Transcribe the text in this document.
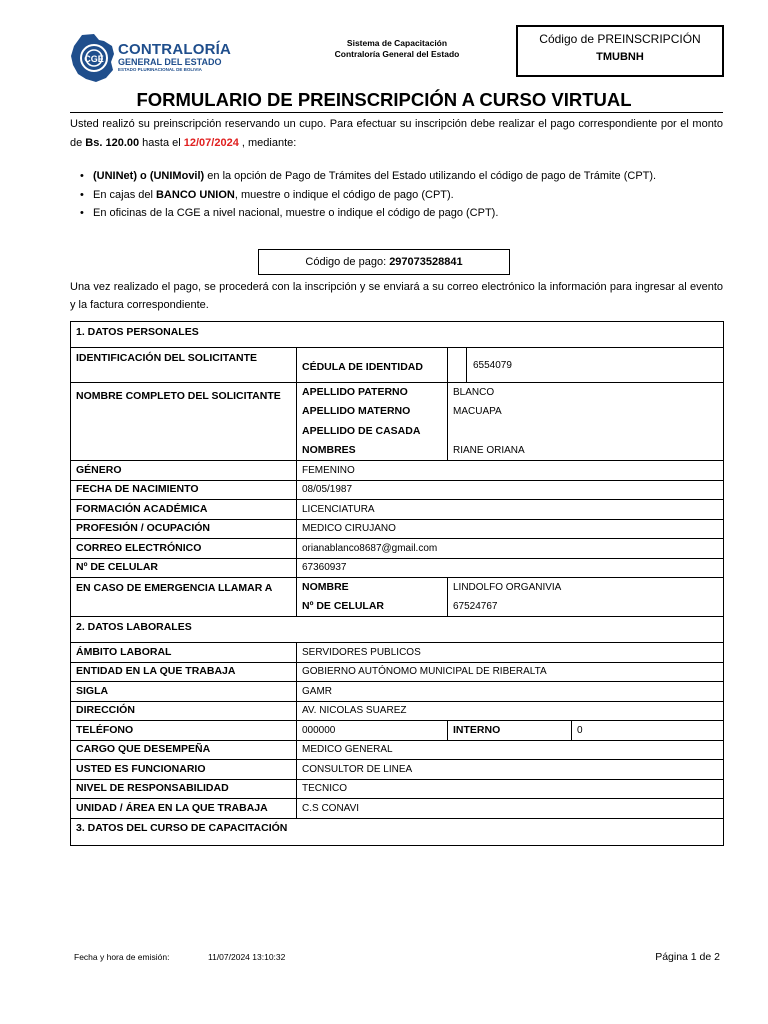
CGE
CONTRALORÍA
GENERAL DEL ESTADO
ESTADO PLURINACIONAL DE BOLIVIA
Sistema de Capacitación
Contraloría General del Estado
Código de PREINSCRIPCIÓN
TMUBNH
FORMULARIO DE PREINSCRIPCIÓN A CURSO VIRTUAL
Usted realizó su preinscripción reservando un cupo. Para efectuar su inscripción debe realizar el pago correspondiente por el monto de Bs. 120.00 hasta el 12/07/2024 , mediante:
• (UNINet) o (UNIMovil) en la opción de Pago de Trámites del Estado utilizando el código de pago de Trámite (CPT).
• En cajas del BANCO UNION, muestre o indique el código de pago (CPT).
• En oficinas de la CGE a nivel nacional, muestre o indique el código de pago (CPT).
Código de pago: 297073528841
Una vez realizado el pago, se procederá con la inscripción y se enviará a su correo electrónico la información para ingresar al evento y la factura correspondiente.
1. DATOS PERSONALES			
IDENTIFICACIÓN DEL SOLICITANTE	CÉDULA DE IDENTIDAD	6554079	

NOMBRE COMPLETO DEL SOLICITANTE	APELLIDO PATERNO	BLANCO	
	APELLIDO MATERNO	MACUAPA	
	APELLIDO DE CASADA		
	NOMBRES	RIANE ORIANA	
GÉNERO	FEMENINO		
FECHA DE NACIMIENTO	08/05/1987		
FORMACIÓN ACADÉMICA	LICENCIATURA		
PROFESIÓN / OCUPACIÓN	MEDICO CIRUJANO		
CORREO ELECTRÓNICO	orianablanco8687@gmail.com		
Nº DE CELULAR	67360937		
EN CASO DE EMERGENCIA LLAMAR A	NOMBRE	LINDOLFO ORGANIVIA	
	Nº DE CELULAR	67524767	
2. DATOS LABORALES			
ÁMBITO LABORAL	SERVIDORES PUBLICOS		
ENTIDAD EN LA QUE TRABAJA	GOBIERNO AUTÓNOMO MUNICIPAL DE RIBERALTA		
SIGLA	GAMR		
DIRECCIÓN	AV. NICOLAS SUAREZ		
TELÉFONO	000000	INTERNO	0
CARGO QUE DESEMPEÑA	MEDICO GENERAL		
USTED ES FUNCIONARIO	CONSULTOR DE LINEA		
NIVEL DE RESPONSABILIDAD	TECNICO		
UNIDAD / ÁREA EN LA QUE TRABAJA	C.S CONAVI		
3. DATOS DEL CURSO DE CAPACITACIÓN			
Fecha y hora de emisión:	11/07/2024 13:10:32	Página 1 de 2
